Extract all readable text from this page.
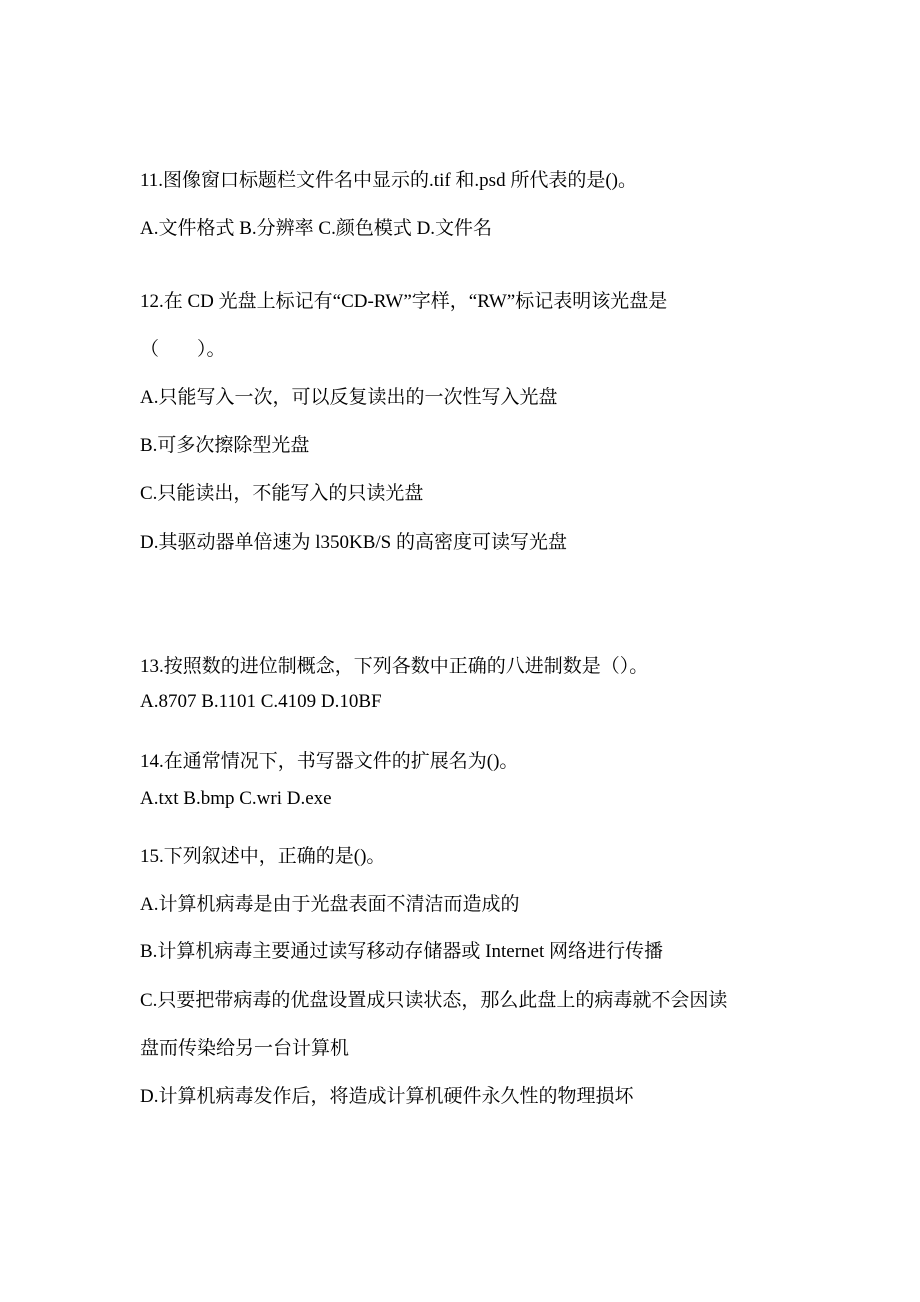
11.图像窗口标题栏文件名中显示的.tif 和.psd 所代表的是()。
A.文件格式 B.分辨率 C.颜色模式 D.文件名
12.在 CD 光盘上标记有“CD-RW”字样，“RW”标记表明该光盘是
（　　）。
A.只能写入一次，可以反复读出的一次性写入光盘
B.可多次擦除型光盘
C.只能读出，不能写入的只读光盘
D.其驱动器单倍速为 l350KB/S 的高密度可读写光盘
13.按照数的进位制概念，下列各数中正确的八进制数是（）。
A.8707 B.1101 C.4109 D.10BF
14.在通常情况下，书写器文件的扩展名为()。
A.txt B.bmp C.wri D.exe
15.下列叙述中，正确的是()。
A.计算机病毒是由于光盘表面不清洁而造成的
B.计算机病毒主要通过读写移动存储器或 Internet 网络进行传播
C.只要把带病毒的优盘设置成只读状态，那么此盘上的病毒就不会因读
盘而传染给另一台计算机
D.计算机病毒发作后，将造成计算机硬件永久性的物理损坏
